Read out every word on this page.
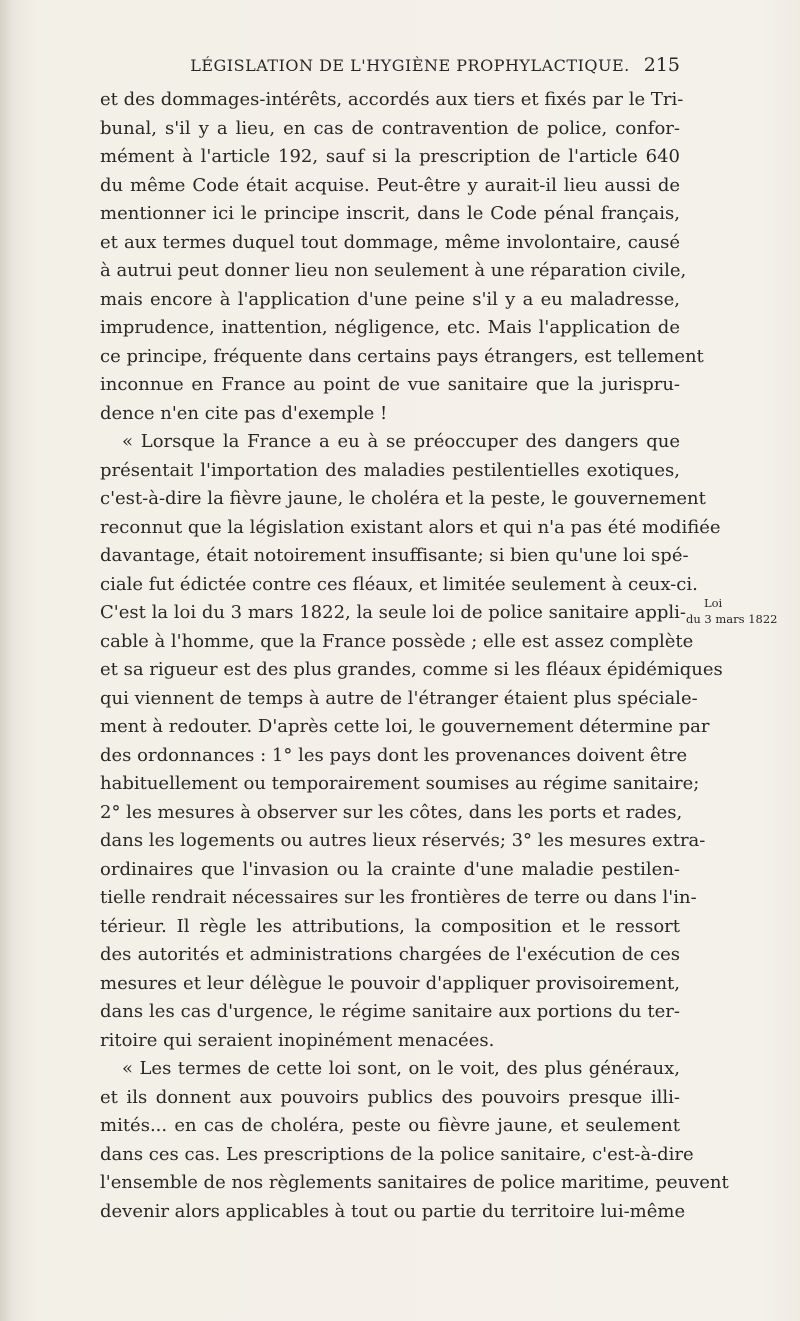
LÉGISLATION DE L'HYGIÈNE PROPHYLACTIQUE. 215
et des dommages-intérêts, accordés aux tiers et fixés par le Tri-
bunal, s'il y a lieu, en cas de contravention de police, confor-
mément à l'article 192, sauf si la prescription de l'article 640
du même Code était acquise. Peut-être y aurait-il lieu aussi de
mentionner ici le principe inscrit, dans le Code pénal français,
et aux termes duquel tout dommage, même involontaire, causé
à autrui peut donner lieu non seulement à une réparation civile,
mais encore à l'application d'une peine s'il y a eu maladresse,
imprudence, inattention, négligence, etc. Mais l'application de
ce principe, fréquente dans certains pays étrangers, est tellement
inconnue en France au point de vue sanitaire que la jurispru-
dence n'en cite pas d'exemple !
« Lorsque la France a eu à se préoccuper des dangers que
présentait l'importation des maladies pestilentielles exotiques,
c'est-à-dire la fièvre jaune, le choléra et la peste, le gouvernement
reconnut que la législation existant alors et qui n'a pas été modifiée
davantage, était notoirement insuffisante; si bien qu'une loi spé-
ciale fut édictée contre ces fléaux, et limitée seulement à ceux-ci.
C'est la loi du 3 mars 1822, la seule loi de police sanitaire appli-
cable à l'homme, que la France possède ; elle est assez complète
et sa rigueur est des plus grandes, comme si les fléaux épidémiques
qui viennent de temps à autre de l'étranger étaient plus spéciale-
ment à redouter. D'après cette loi, le gouvernement détermine par
des ordonnances : 1° les pays dont les provenances doivent être
habituellement ou temporairement soumises au régime sanitaire;
2° les mesures à observer sur les côtes, dans les ports et rades,
dans les logements ou autres lieux réservés; 3° les mesures extra-
ordinaires que l'invasion ou la crainte d'une maladie pestilen-
tielle rendrait nécessaires sur les frontières de terre ou dans l'in-
térieur. Il règle les attributions, la composition et le ressort
des autorités et administrations chargées de l'exécution de ces
mesures et leur délègue le pouvoir d'appliquer provisoirement,
dans les cas d'urgence, le régime sanitaire aux portions du ter-
ritoire qui seraient inopinément menacées.
« Les termes de cette loi sont, on le voit, des plus généraux,
et ils donnent aux pouvoirs publics des pouvoirs presque illi-
mités... en cas de choléra, peste ou fièvre jaune, et seulement
dans ces cas. Les prescriptions de la police sanitaire, c'est-à-dire
l'ensemble de nos règlements sanitaires de police maritime, peuvent
devenir alors applicables à tout ou partie du territoire lui-même
Loi
du 3 mars 1822
